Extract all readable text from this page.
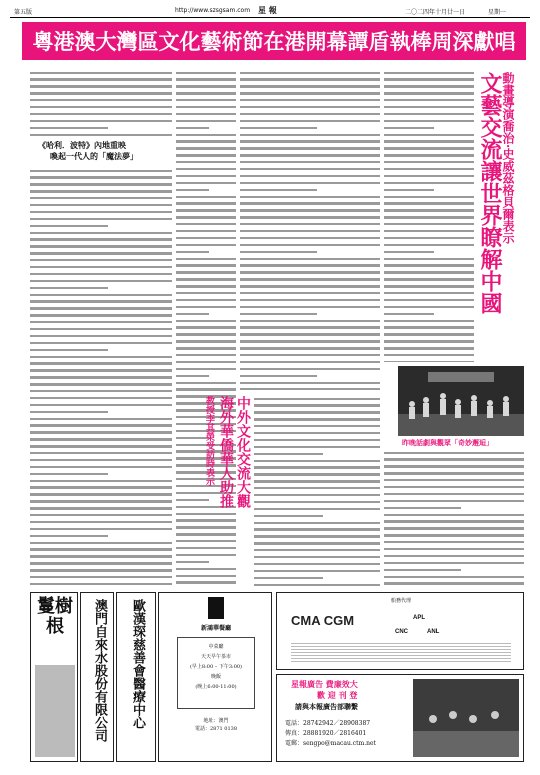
第五版	http://www.szsgsam.com 星 報	二〇二四年十月廿一日	星期一
粵港澳大灣區文化藝術節在港開幕譚盾執棒周深獻唱
《哈利．波特》內地重映
喚起一代人的「魔法夢」
教授李其榮受訪時表示 海外華僑華人助推 中外文化交流大觀
動畫導演喬治·史威茲格貝爾表示
文藝交流讓世界瞭解中國
昨晚話劇與觀眾「奇妙邂逅」
鬘樹根	澳門自來水股份有限公司 歐漢琛慈善會醫療中心	新鴻華餐廳
中菜廳
天天早午茶市
(早上8:00 – 下午3:00)
晚飯
(晚上6:00-11:00)
地址：澳門
電話：2871 0138
船務代理
CMA CGM	APL
CNC	ANL
星報廣告 費廉效大
歡 迎 刊 登
請與本報廣告部聯繫
電話：28742942／28908387
傳真：28881920／2816401
電郵：sengpo@macau.ctm.net
